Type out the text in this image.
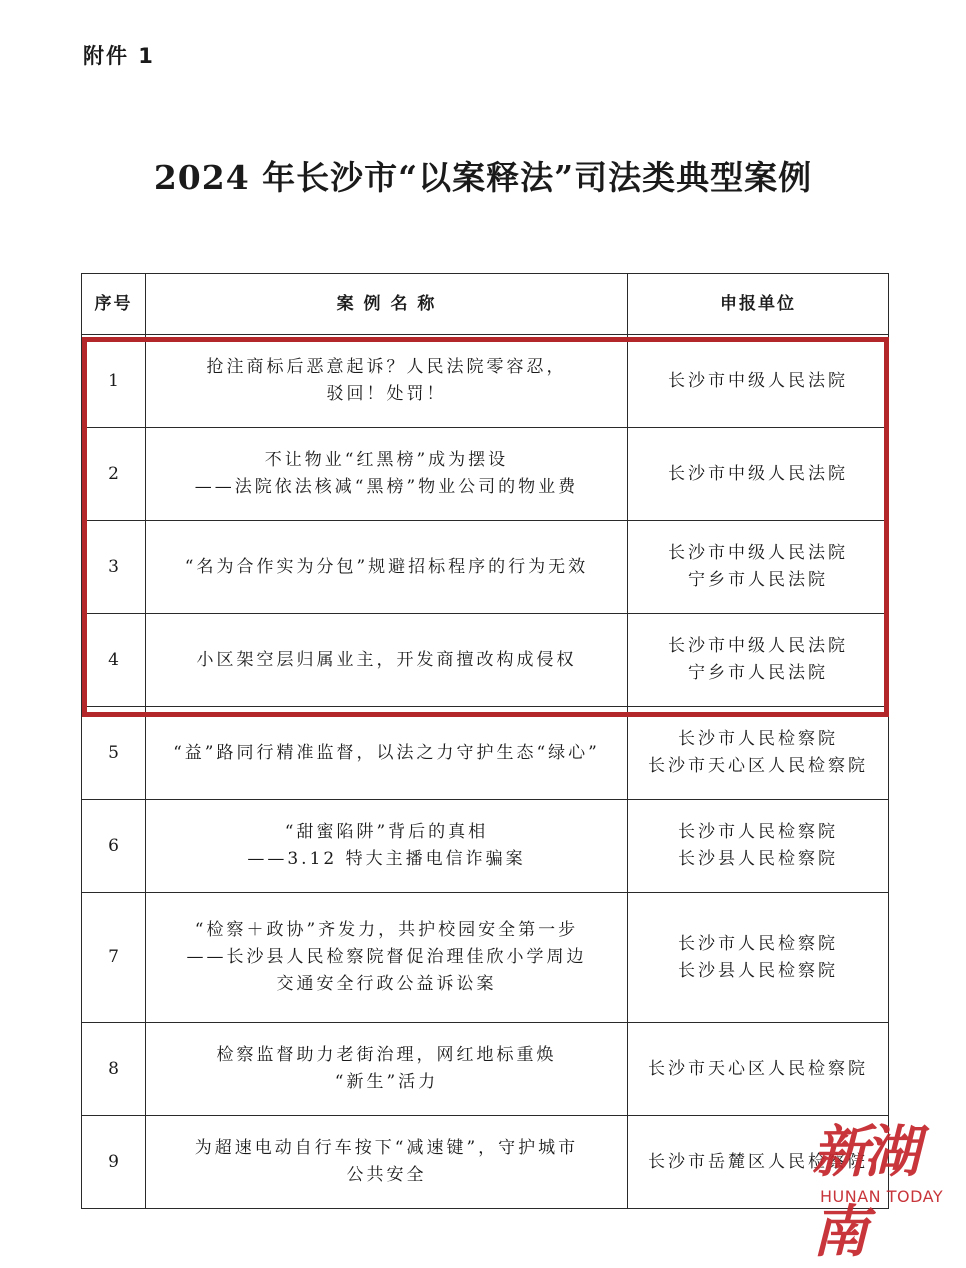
附件 1
2024 年长沙市“以案释法”司法类典型案例
序号	案 例 名 称	申报单位
1	抢注商标后恶意起诉？人民法院零容忍，
驳回！处罚！	长沙市中级人民法院

2	不让物业“红黑榜”成为摆设
——法院依法核减“黑榜”物业公司的物业费	长沙市中级人民法院

3	“名为合作实为分包”规避招标程序的行为无效	长沙市中级人民法院
宁乡市人民法院

4	小区架空层归属业主，开发商擅改构成侵权	长沙市中级人民法院
宁乡市人民法院

5	“益”路同行精准监督，以法之力守护生态“绿心”	长沙市人民检察院
长沙市天心区人民检察院

6	“甜蜜陷阱”背后的真相
——3.12 特大主播电信诈骗案	长沙市人民检察院
长沙县人民检察院

7	“检察＋政协”齐发力，共护校园安全第一步
——长沙县人民检察院督促治理佳欣小学周边
交通安全行政公益诉讼案	长沙市人民检察院
长沙县人民检察院

8	检察监督助力老街治理，网红地标重焕
“新生”活力	长沙市天心区人民检察院

9	为超速电动自行车按下“减速键”，守护城市
公共安全	长沙市岳麓区人民检察院
新湖南
HUNAN TODAY
